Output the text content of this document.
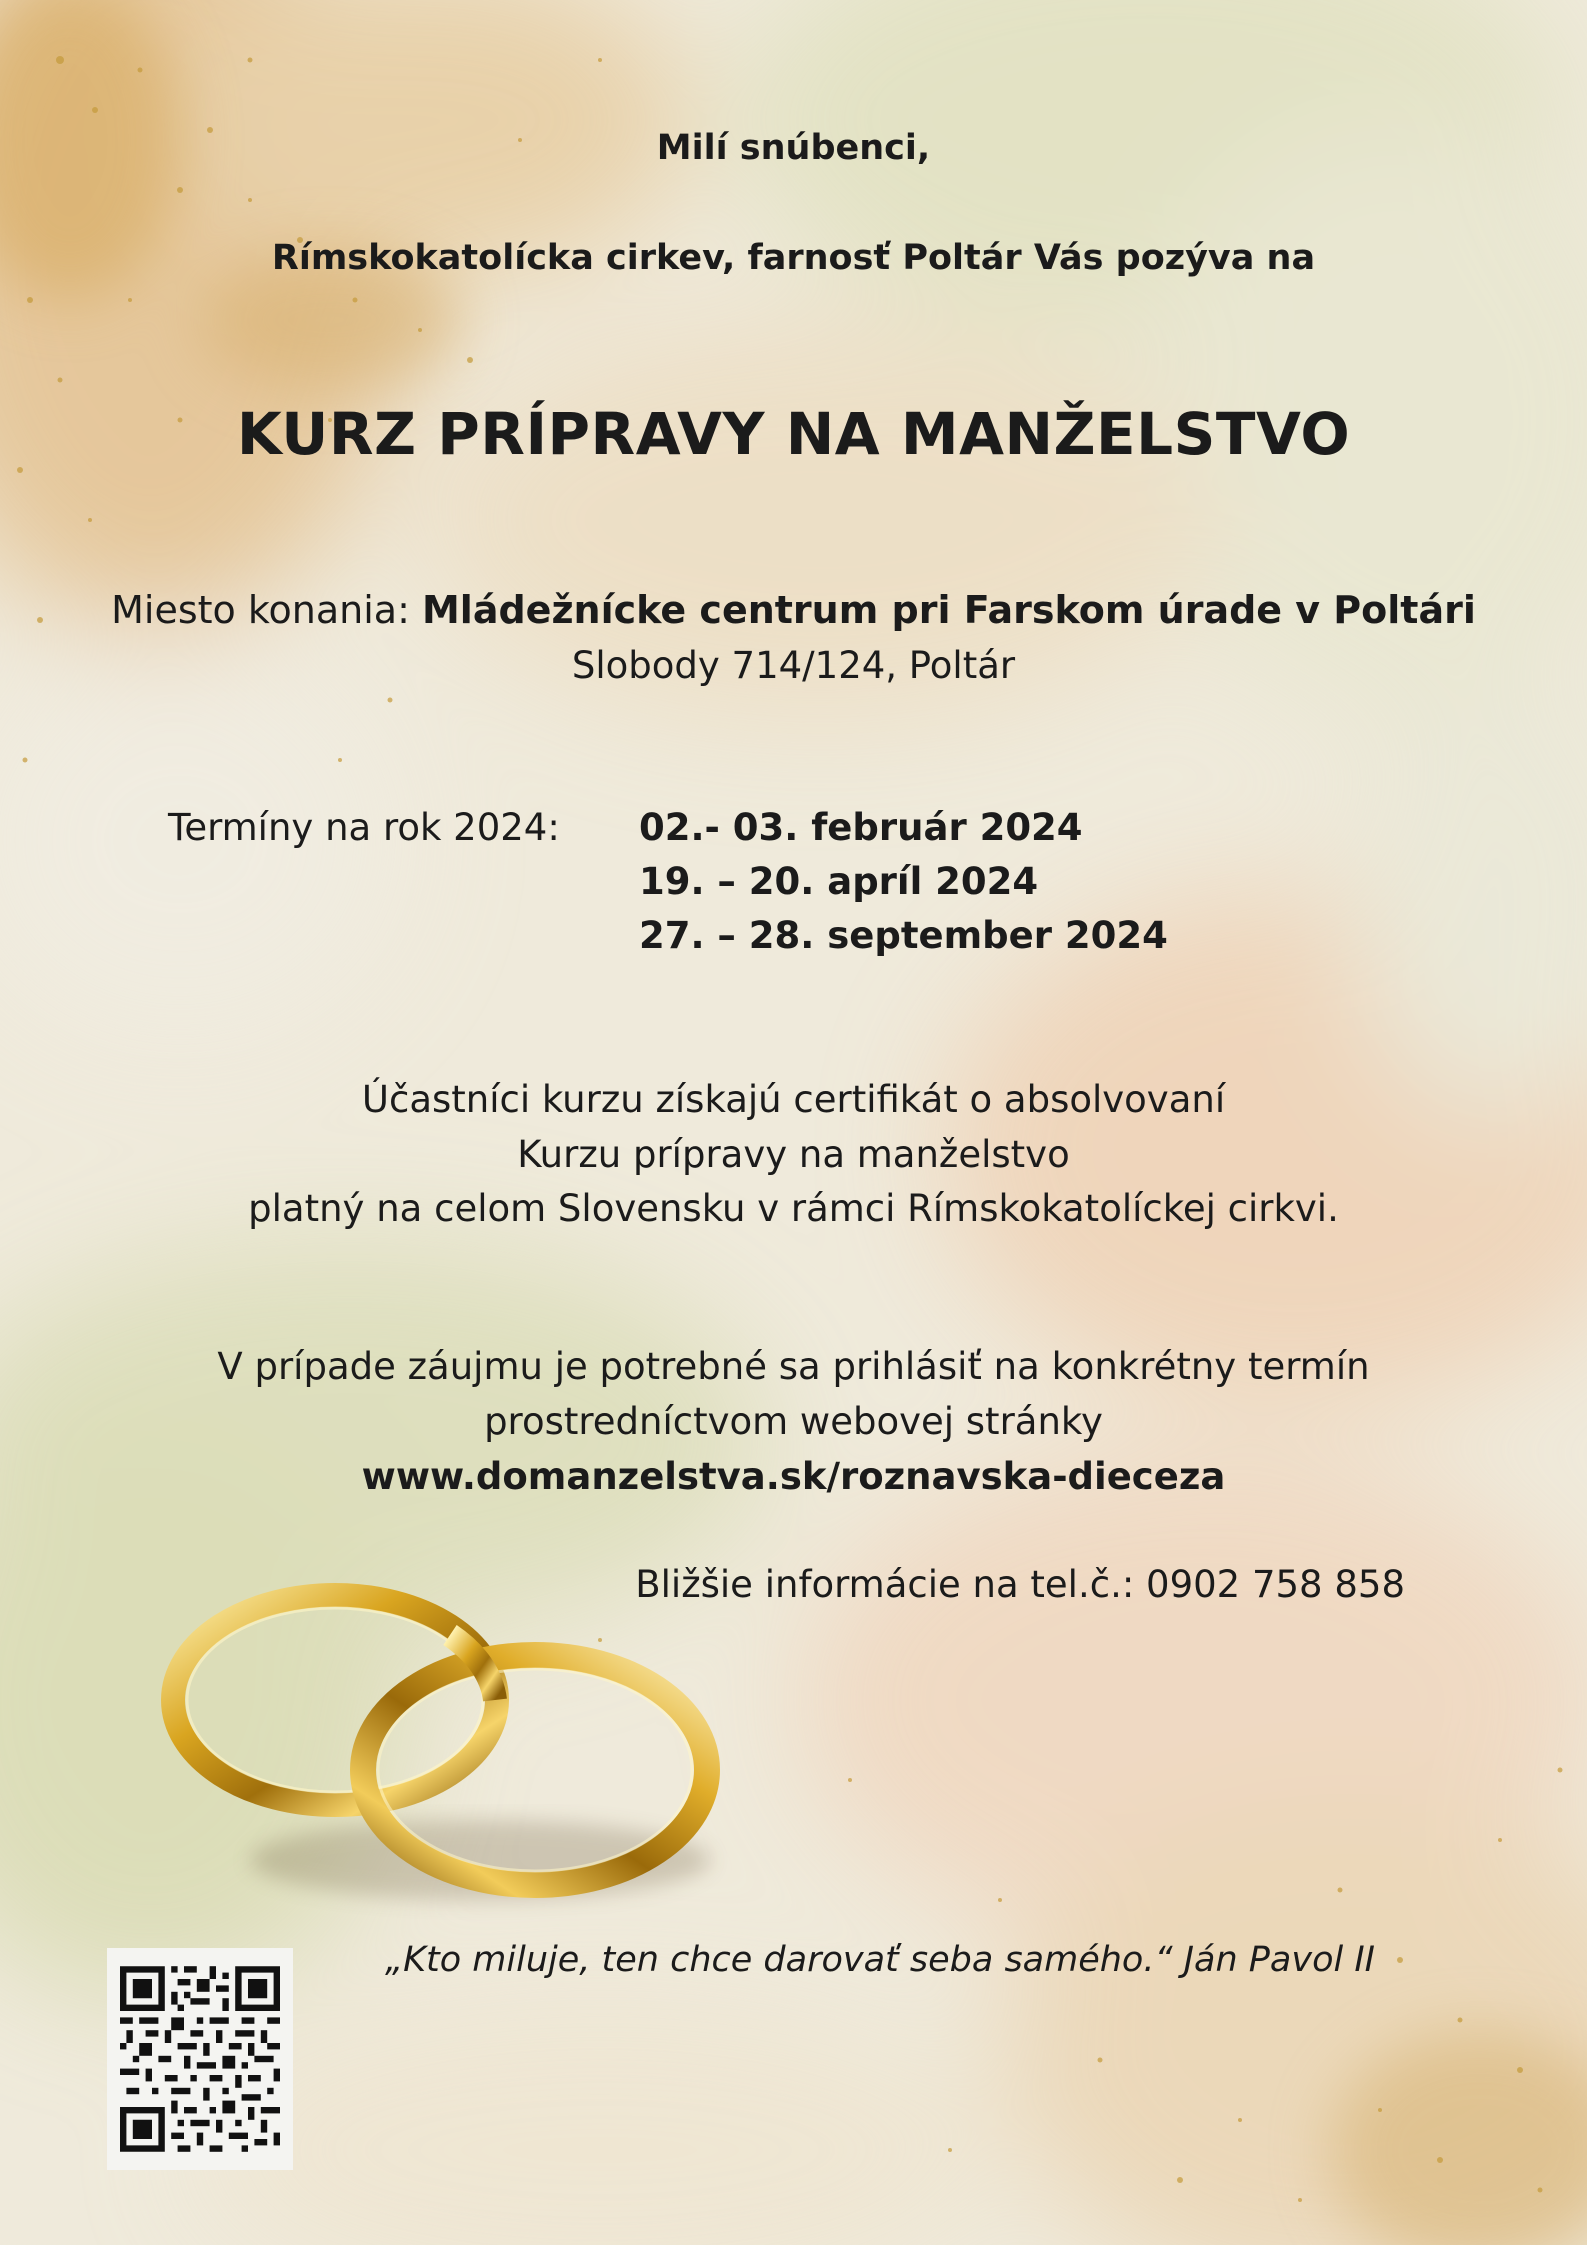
Milí snúbenci,
Rímskokatolícka cirkev, farnosť Poltár Vás pozýva na
KURZ PRÍPRAVY NA MANŽELSTVO
Miesto konania: Mládežnícke centrum pri Farskom úrade v Poltári
Slobody 714/124, Poltár
Termíny na rok 2024: 02.- 03. február 2024
19. – 20. apríl 2024
27. – 28. september 2024
Účastníci kurzu získajú certifikát o absolvovaní
Kurzu prípravy na manželstvo
platný na celom Slovensku v rámci Rímskokatolíckej cirkvi.
V prípade záujmu je potrebné sa prihlásiť na konkrétny termín
prostredníctvom webovej stránky
www.domanzelstva.sk/roznavska-dieceza
Bližšie informácie na tel.č.: 0902 758 858
„Kto miluje, ten chce darovať seba samého.“ Ján Pavol II
